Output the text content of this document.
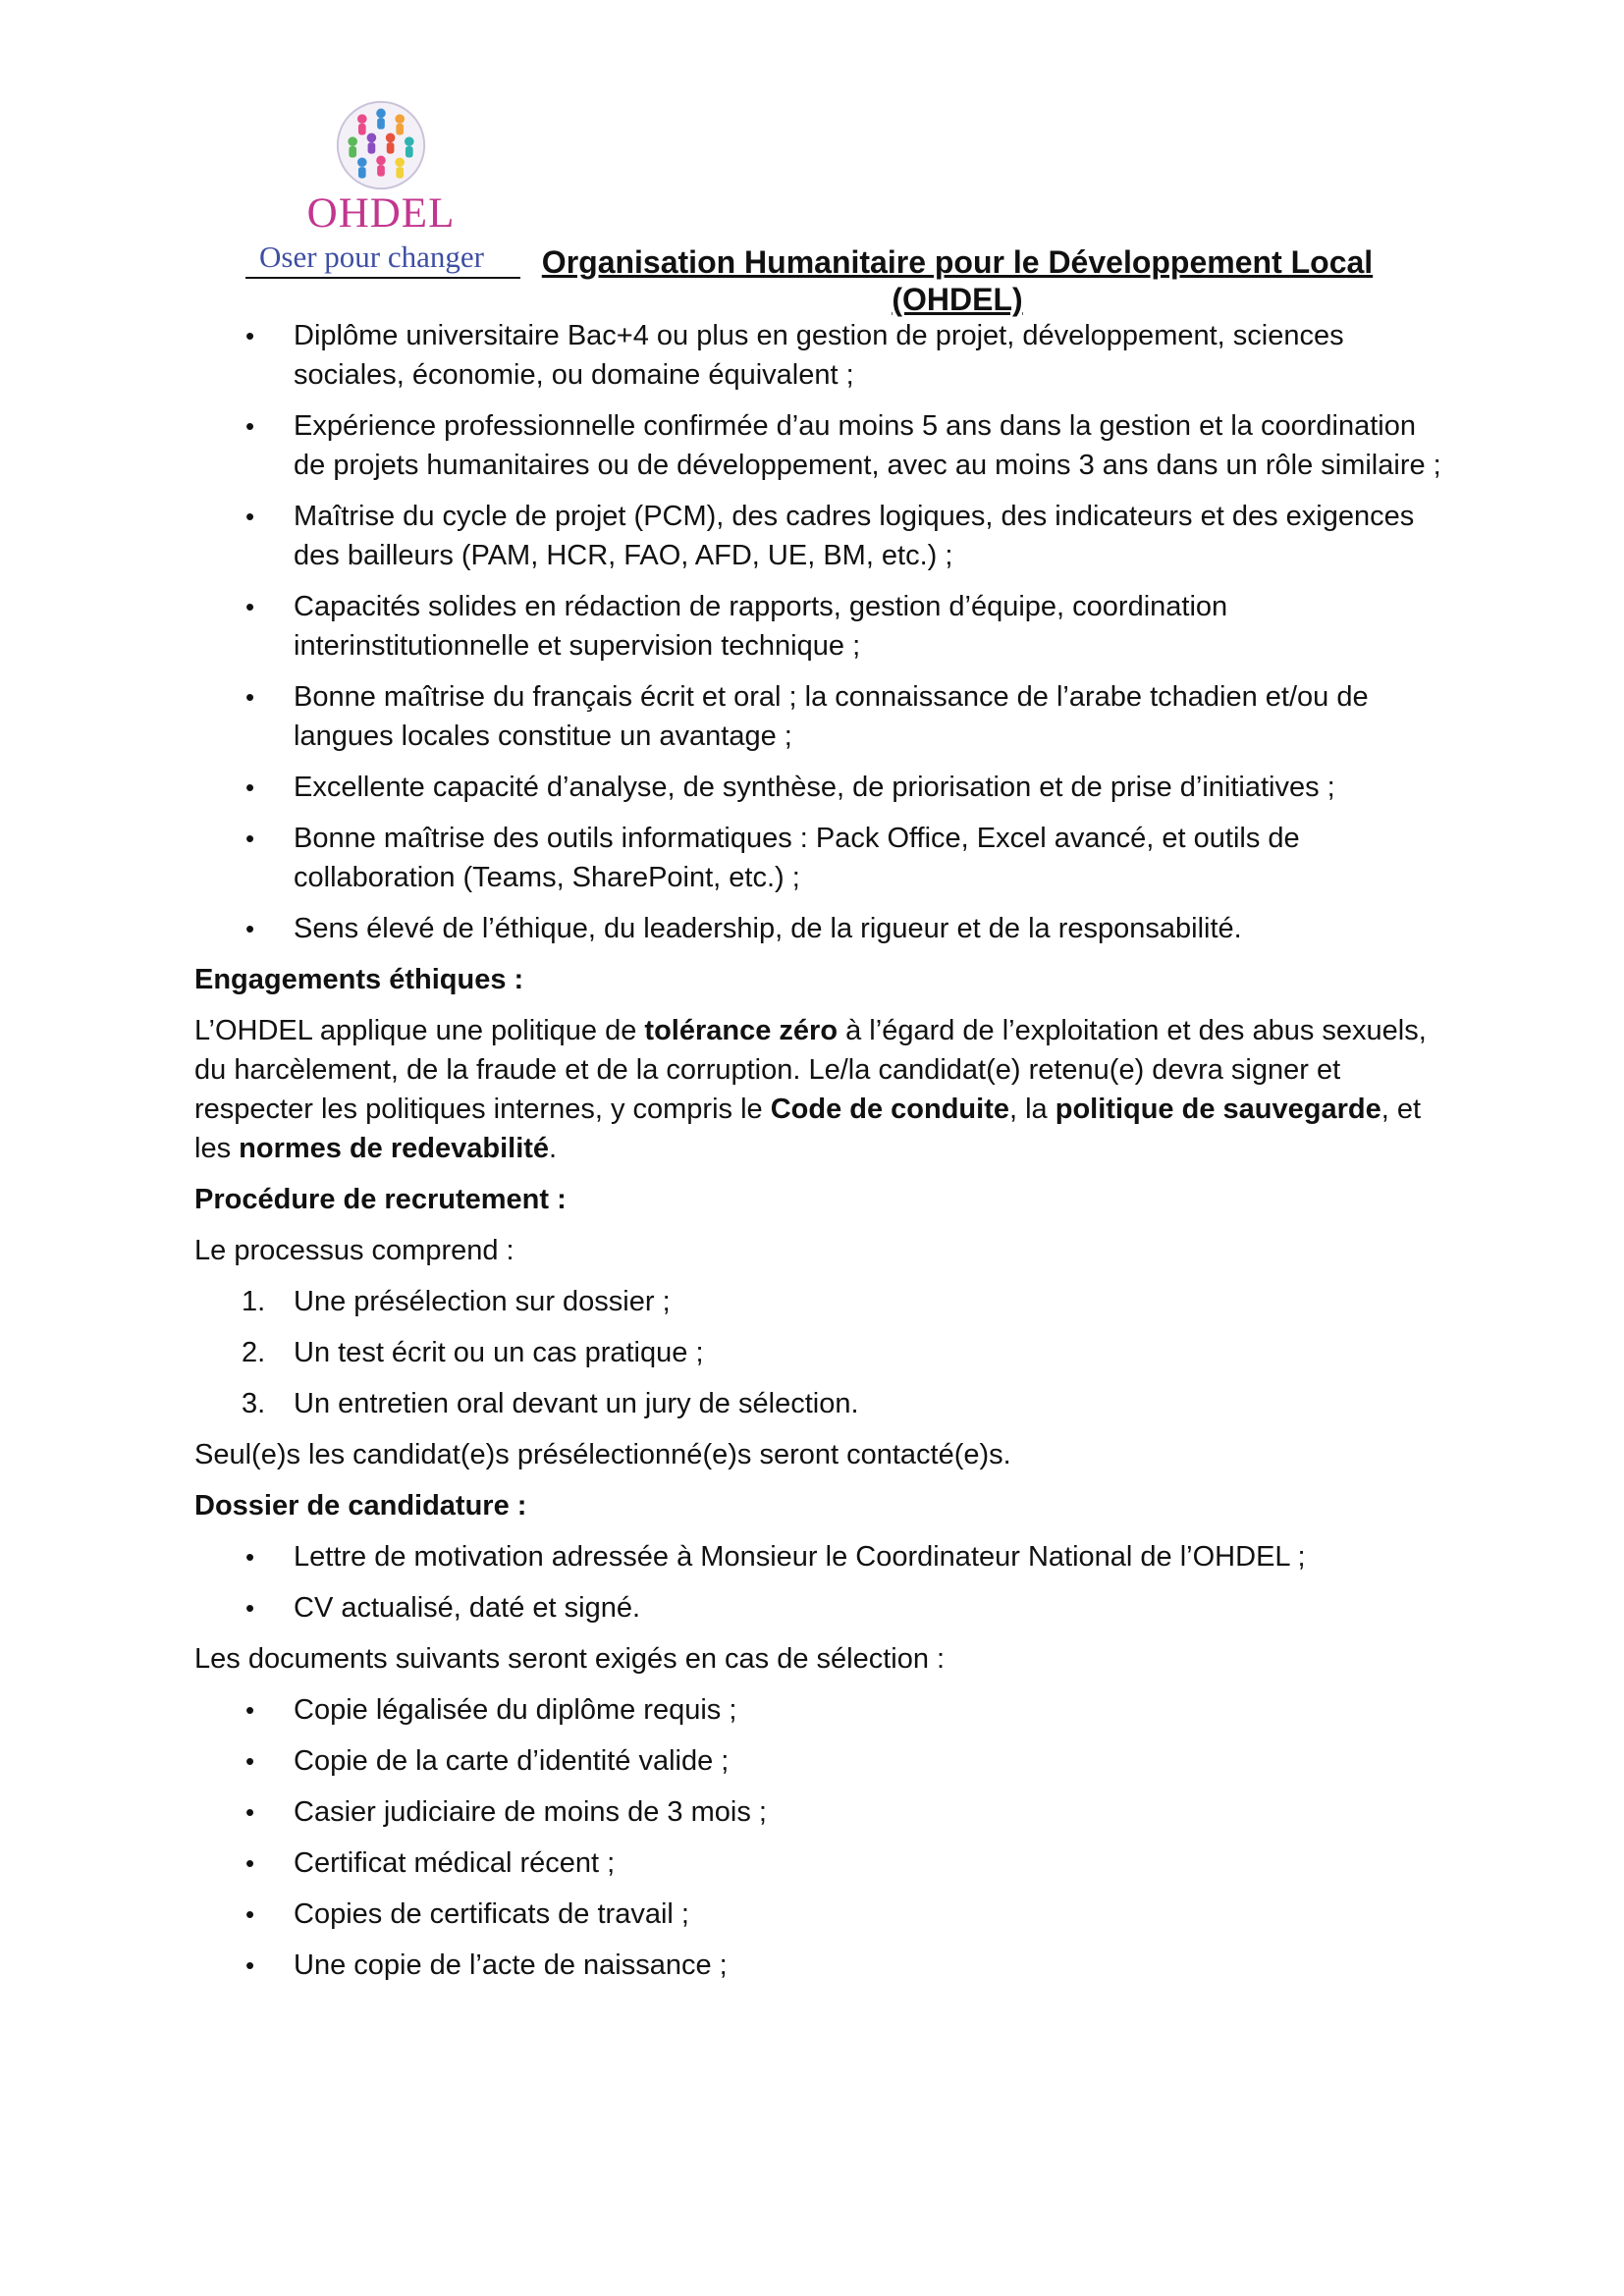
OHDEL
Oser pour changer	Organisation Humanitaire pour le Développement Local
(OHDEL)
• Diplôme universitaire Bac+4 ou plus en gestion de projet, développement, sciences sociales, économie, ou domaine équivalent ;
• Expérience professionnelle confirmée d’au moins 5 ans dans la gestion et la coordination de projets humanitaires ou de développement, avec au moins 3 ans dans un rôle similaire ;
• Maîtrise du cycle de projet (PCM), des cadres logiques, des indicateurs et des exigences des bailleurs (PAM, HCR, FAO, AFD, UE, BM, etc.) ;
• Capacités solides en rédaction de rapports, gestion d’équipe, coordination interinstitutionnelle et supervision technique ;
• Bonne maîtrise du français écrit et oral ; la connaissance de l’arabe tchadien et/ou de langues locales constitue un avantage ;
• Excellente capacité d’analyse, de synthèse, de priorisation et de prise d’initiatives ;
• Bonne maîtrise des outils informatiques : Pack Office, Excel avancé, et outils de collaboration (Teams, SharePoint, etc.) ;
• Sens élevé de l’éthique, du leadership, de la rigueur et de la responsabilité.
Engagements éthiques :
L’OHDEL applique une politique de tolérance zéro à l’égard de l’exploitation et des abus sexuels, du harcèlement, de la fraude et de la corruption. Le/la candidat(e) retenu(e) devra signer et respecter les politiques internes, y compris le Code de conduite, la politique de sauvegarde, et les normes de redevabilité.
Procédure de recrutement :
Le processus comprend :
1. Une présélection sur dossier ;
2. Un test écrit ou un cas pratique ;
3. Un entretien oral devant un jury de sélection.
Seul(e)s les candidat(e)s présélectionné(e)s seront contacté(e)s.
Dossier de candidature :
• Lettre de motivation adressée à Monsieur le Coordinateur National de l’OHDEL ;
• CV actualisé, daté et signé.
Les documents suivants seront exigés en cas de sélection :
• Copie légalisée du diplôme requis ;
• Copie de la carte d’identité valide ;
• Casier judiciaire de moins de 3 mois ;
• Certificat médical récent ;
• Copies de certificats de travail ;
• Une copie de l’acte de naissance ;
